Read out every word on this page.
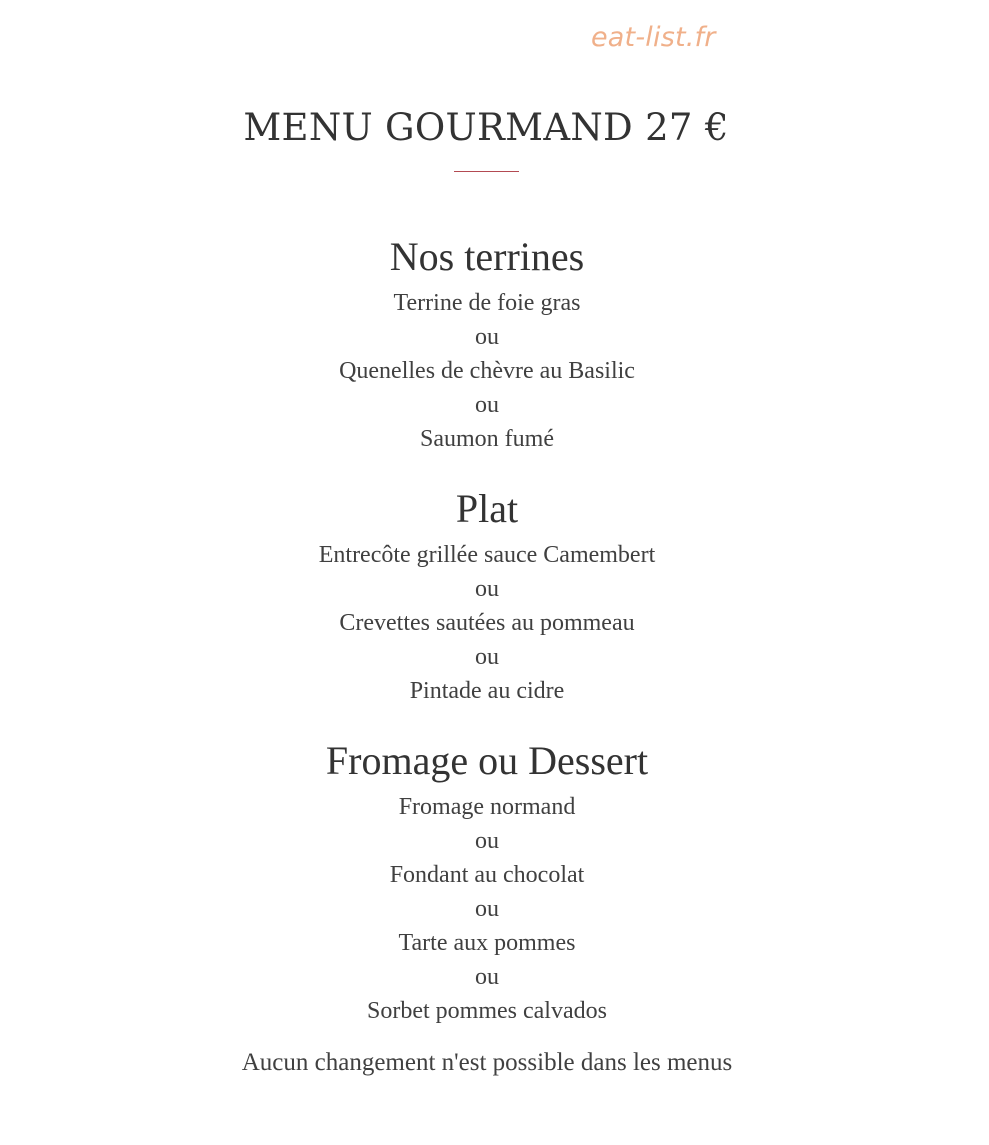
eat-list.fr
MENU GOURMAND 27 €
Nos terrines

Terrine de foie gras

ou

Quenelles de chèvre au Basilic

ou

Saumon fumé

Plat

Entrecôte grillée sauce Camembert

ou

Crevettes sautées au pommeau

ou

Pintade au cidre

Fromage ou Dessert

Fromage normand

ou

Fondant au chocolat

ou

Tarte aux pommes

ou

Sorbet pommes calvados

Aucun changement n'est possible dans les menus
